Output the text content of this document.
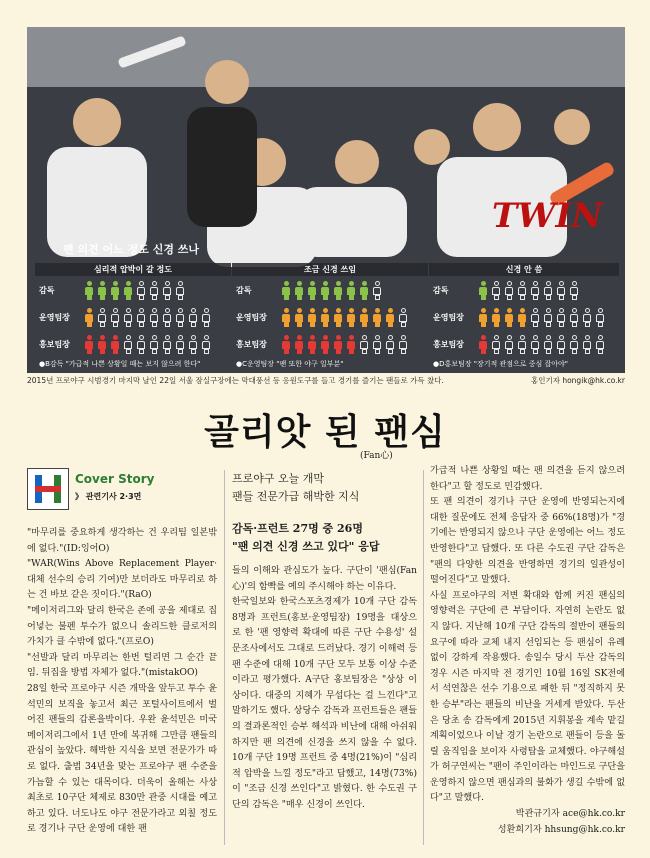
TWIN
팬 의견 어느 정도 신경 쓰나
심리적 압박이 갈 정도
●B감독 "가급적 나쁜 상황일 때는 보지 않으려 한다"
감독
운영팀장
홍보팀장
조금 신경 쓰임
●C운영팀장 "팬 또한 야구 일부분"
감독
운영팀장
홍보팀장
신경 안 씀
●D홍보팀장 "장기적 관점으로 중심 잡아야"
감독
운영팀장
홍보팀장
2015년 프로야구 시범경기 마지막 날인 22일 서울 잠실구장에는 막대풍선 등 응원도구를 들고 경기를 즐기는 팬들로 가득 찼다.	홍인기자 hongik@hk.co.kr
골리앗 된 팬심
(Fan心)
Cover Story
》 관련기사 2·3면
프로야구 오늘 개막
팬들 전문가급 해박한 지식
감독·프런트 27명 중 26명
"팬 의견 신경 쓰고 있다" 응답

"마무리를 중요하게 생각하는 건 우리팀 일본밖에 없다."(ID:잉어O)

"WAR(Wins Above Replacement Player·대체 선수의 승리 기여)만 보더라도 마무리로 하는 건 바보 같은 짓이다."(RaO)

"메이저리그와 달리 한국은 존에 공을 제대로 집어넣는 불펜 투수가 없으니 솔리드한 클로저의 가치가 클 수밖에 없다."(프로O)

"선발과 달리 마무리는 한번 털리면 그 순간 끝임. 뒤집을 방법 자체가 없다."(mistakOO)

28일 한국 프로야구 시즌 개막을 앞두고 투수 윤석민의 보직을 놓고서 최근 포털사이트에서 벌어진 팬들의 갑론을박이다. 우완 윤석민은 미국 메이저리그에서 1년 만에 복귀해 그만큼 팬들의 관심이 높았다. 해박한 지식을 보면 전문가가 따로 없다. 출범 34년을 맞는 프로야구 팬 수준을 가늠할 수 있는 대목이다. 더욱이 올해는 사상 최초로 10구단 체제로 830만 관중 시대를 예고하고 있다. 너도나도 야구 전문가라고 외칠 정도로 경기나 구단 운영에 대한 팬

들의 이해와 관심도가 높다. 구단이 '팬심(Fan心)'의 함빡를 예의 주시해야 하는 이유다.

한국일보와 한국스포츠경제가 10개 구단 감독 8명과 프런트(홍보·운영팀장) 19명을 대상으로 한 '팬 영향력 확대에 따른 구단 수용성' 설문조사에서도 그대로 드러났다. 경기 이해력 등 팬 수준에 대해 10개 구단 모두 보통 이상 수준이라고 평가했다. A구단 홍보팀장은 "상상 이상이다. 대중의 지혜가 무섭다는 걸 느낀다"고 말하기도 했다. 상당수 감독과 프런트들은 팬들의 결과론적인 승부 해석과 비난에 대해 아쉬워하지만 팬 의견에 신경을 쓰지 않을 수 없다. 10개 구단 19명 프런트 중 4명(21%)이 "심리적 압박을 느낄 정도"라고 답했고, 14명(73%)이 "조금 신경 쓰인다"고 밝혔다. 한 수도권 구단의 감독은 "매우 신경이 쓰인다.

가급적 나쁜 상황일 때는 팬 의견을 듣지 않으려 한다"고 할 정도로 민감했다.

또 팬 의견이 경기나 구단 운영에 반영되는지에 대한 질문에도 전체 응답자 중 66%(18명)가 "경기에는 반영되지 않으나 구단 운영에는 어느 정도 반영한다"고 답했다. 또 다른 수도권 구단 감독은 "팬의 다양한 의견을 반영하면 경기의 일관성이 떨어진다"고 말했다.

사실 프로야구의 저변 확대와 함께 커진 팬심의 영향력은 구단에 큰 부담이다. 자연히 논란도 없지 않다. 지난해 10개 구단 감독의 절반이 팬들의 요구에 따라 교체 내지 선임되는 등 팬심이 유례없이 강하게 작용했다. 송일수 당시 두산 감독의 경우 시즌 마지막 전 경기인 10월 16일 SK전에서 석연찮은 선수 기용으로 패한 뒤 "정직하지 못한 승부"라는 팬들의 비난을 거세게 받았다. 두산은 당초 송 감독에게 2015년 지휘봉을 계속 맡길 계획이었으나 이날 경기 논란으로 팬들이 등을 돌릴 움직임을 보이자 사령탑을 교체했다. 야구해설가 허구연씨는 "팬이 주인이라는 마인드로 구단을 운영하지 않으면 팬심과의 불화가 생길 수밖에 없다"고 말했다.

박관규기자 ace@hk.co.kr

성환희기자 hhsung@hk.co.kr
